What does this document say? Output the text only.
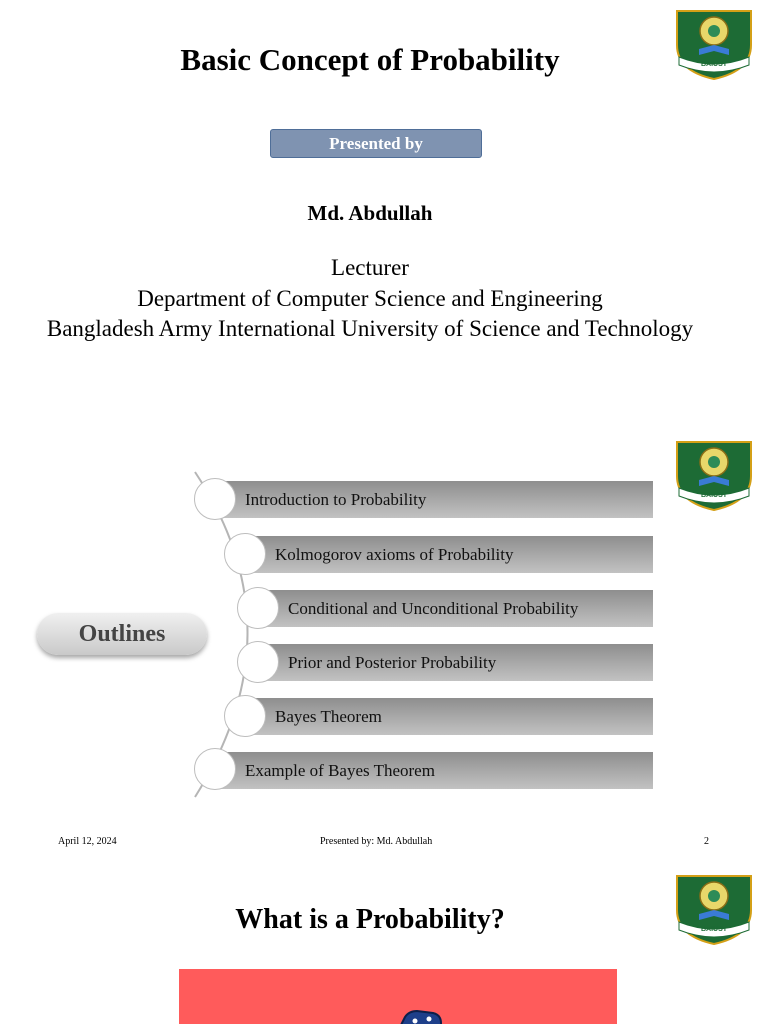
BAIUST
Basic Concept of Probability
Presented by
Md. Abdullah
Lecturer
Department of Computer Science and Engineering
Bangladesh Army International University of Science and Technology
BAIUST
Outlines
Introduction to Probability
Kolmogorov axioms of Probability
Conditional and Unconditional Probability
Prior and Posterior Probability
Bayes Theorem
Example of Bayes Theorem
April 12, 2024	Presented by: Md. Abdullah	2
BAIUST
What is a Probability?
